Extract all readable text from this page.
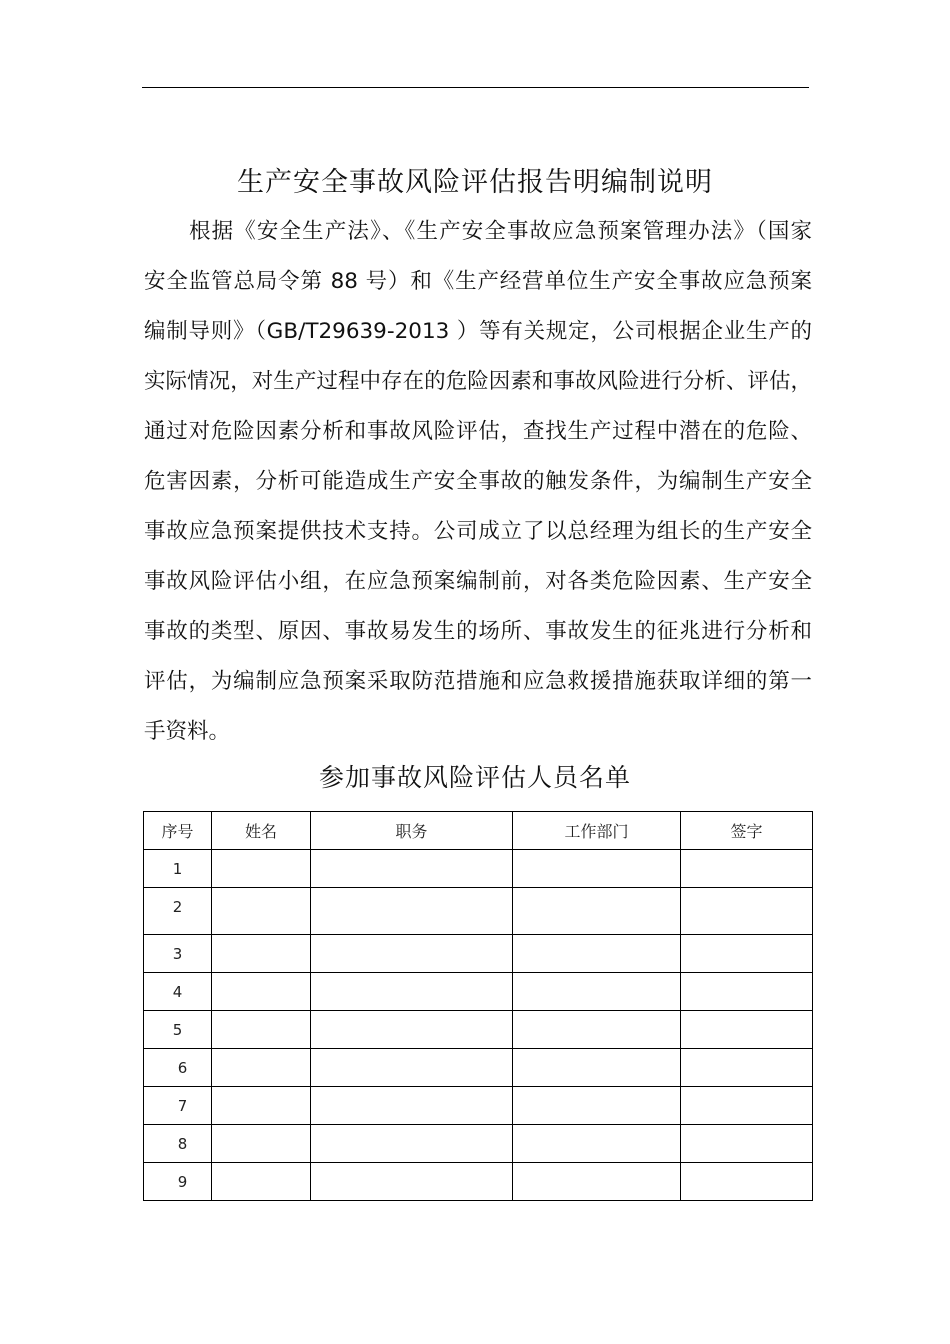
生产安全事故风险评估报告明编制说明
根据《安全生产法》、《生产安全事故应急预案管理办法》（国家
安全监管总局令第 88 号）和《生产经营单位生产安全事故应急预案
编制导则》（GB/T29639-2013 ）等有关规定，公司根据企业生产的
实际情况，对生产过程中存在的危险因素和事故风险进行分析、评估，
通过对危险因素分析和事故风险评估，查找生产过程中潜在的危险、
危害因素，分析可能造成生产安全事故的触发条件，为编制生产安全
事故应急预案提供技术支持。公司成立了以总经理为组长的生产安全
事故风险评估小组，在应急预案编制前，对各类危险因素、生产安全
事故的类型、原因、事故易发生的场所、事故发生的征兆进行分析和
评估，为编制应急预案采取防范措施和应急救援措施获取详细的第一
手资料。
参加事故风险评估人员名单
序号	姓名	职务	工作部门	签字
1				
2				
3				
4				
5				
6				
7				
8				
9				
